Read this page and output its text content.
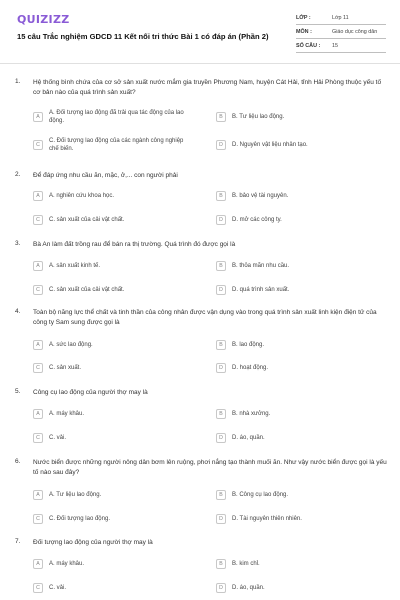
QUIZIZZ
15 câu Trắc nghiệm GDCD 11 Kết nối tri thức Bài 1 có đáp án (Phần 2)
LỚP :	Lớp 11
MÔN :	Giáo dục công dân
SỐ CÂU :	15
1. Hệ thống bình chứa của cơ sở sản xuất nước mắm gia truyền Phương Nam, huyện Cát Hải, tỉnh Hải Phòng thuộc yếu tố cơ bản nào của quá trình sản xuất?
A
A. Đối tượng lao động đã trải qua tác động của lao động.
B	B. Tư liệu lao động.
C
C. Đối tượng lao động của các ngành công nghiệp chế biến.
D	D. Nguyên vật liệu nhân tạo.
2. Để đáp ứng nhu cầu ăn, mặc, ở,... con người phải
A	A. nghiên cứu khoa học.	B	B. bảo vệ tài nguyên.
C	C. sản xuất của cải vật chất.	D	D. mở các công ty.
3. Bà An làm đất trồng rau để bán ra thị trường. Quá trình đó được gọi là
A	A. sản xuất kinh tế.	B	B. thỏa mãn nhu cầu.
C	C. sản xuất của cải vật chất.	D	D. quá trình sản xuất.
4. Toàn bộ năng lực thể chất và tinh thần của công nhân được vận dụng vào trong quá trình sản xuất linh kiện điện tử của công ty Sam sung được gọi là
A	A. sức lao động.	B	B. lao động.
C	C. sản xuất.	D	D. hoạt động.
5. Công cụ lao động của người thợ may là
A	A. máy khâu.	B	B. nhà xưởng.
C	C. vải.	D	D. áo, quần.
6. Nước biển được những người nông dân bơm lên ruộng, phơi nắng tạo thành muối ăn. Như vậy nước biển được gọi là yếu tố nào sau đây?
A	A. Tư liệu lao động.	B	B. Công cụ lao động.
C	C. Đối tượng lao động.	D	D. Tài nguyên thiên nhiên.
7. Đối tượng lao động của người thợ may là
A	A. máy khâu.	B	B. kim chỉ.
C	C. vải.	D	D. áo, quần.
